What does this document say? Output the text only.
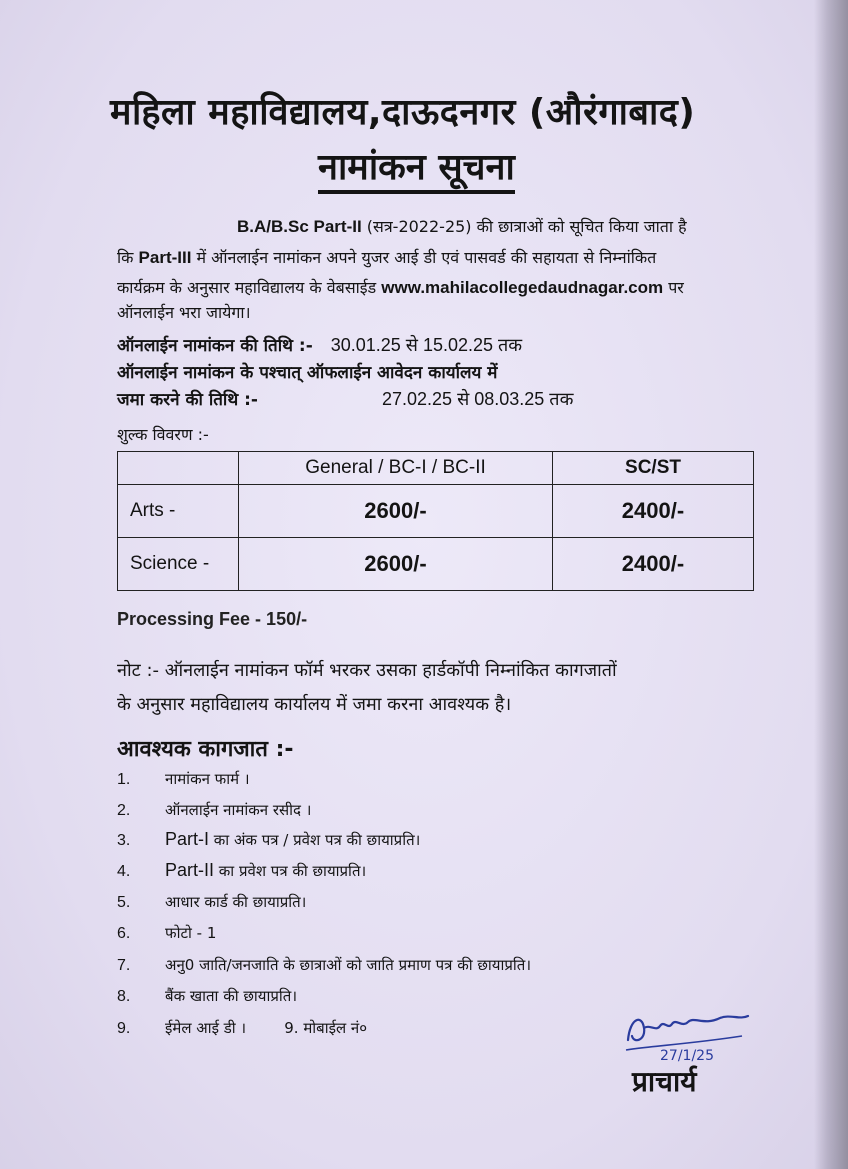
महिला महाविद्यालय,दाऊदनगर (औरंगाबाद)
नामांकन सूचना
B.A/B.Sc Part-II (सत्र-2022-25) की छात्राओं को सूचित किया जाता है
कि Part-III में ऑनलाईन नामांकन अपने युजर आई डी एवं पासवर्ड की सहायता से निम्नांकित
कार्यक्रम के अनुसार महाविद्यालय के वेबसाईड www.mahilacollegedaudnagar.com पर
ऑनलाईन भरा जायेगा।
ऑनलाईन नामांकन की तिथि :- 30.01.25 से 15.02.25 तक
ऑनलाईन नामांकन के पश्चात् ऑफलाईन आवेदन कार्यालय में
जमा करने की तिथि :-	27.02.25 से 08.03.25 तक
शुल्क विवरण :-
	General / BC-I / BC-II	SC/ST
Arts -	2600/-	2400/-
Science -	2600/-	2400/-
Processing Fee - 150/-
नोट :- ऑनलाईन नामांकन फॉर्म भरकर उसका हार्डकॉपी निम्नांकित कागजातों
के अनुसार महाविद्यालय कार्यालय में जमा करना आवश्यक है।
आवश्यक कागजात :-
1. नामांकन फार्म ।
2. ऑनलाईन नामांकन रसीद ।
3. Part-I का अंक पत्र / प्रवेश पत्र की छायाप्रति।
4. Part-II का प्रवेश पत्र की छायाप्रति।
5. आधार कार्ड की छायाप्रति।
6. फोटो - 1
7. अनु0 जाति/जनजाति के छात्राओं को जाति प्रमाण पत्र की छायाप्रति।
8. बैंक खाता की छायाप्रति।
9. ईमेल आई डी ।        9. मोबाईल नं०
27/1/25
प्राचार्य
